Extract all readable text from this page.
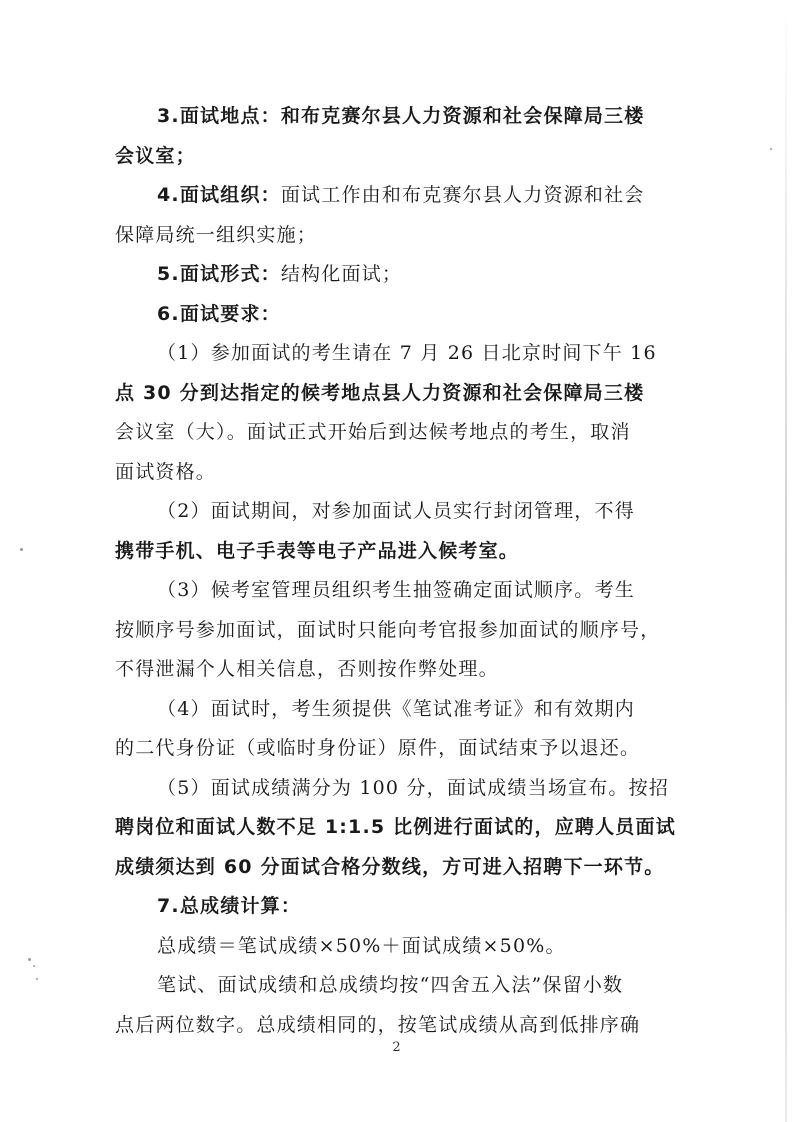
3.面试地点：和布克赛尔县人力资源和社会保障局三楼
会议室；

4.面试组织：面试工作由和布克赛尔县人力资源和社会
保障局统一组织实施；

5.面试形式：结构化面试；

6.面试要求：

（1）参加面试的考生请在 7 月 26 日北京时间下午 16
点 30 分到达指定的候考地点县人力资源和社会保障局三楼
会议室（大）。面试正式开始后到达候考地点的考生，取消
面试资格。

（2）面试期间，对参加面试人员实行封闭管理，不得
携带手机、电子手表等电子产品进入候考室。

（3）候考室管理员组织考生抽签确定面试顺序。考生
按顺序号参加面试，面试时只能向考官报参加面试的顺序号，
不得泄漏个人相关信息，否则按作弊处理。

（4）面试时，考生须提供《笔试准考证》和有效期内
的二代身份证（或临时身份证）原件，面试结束予以退还。

（5）面试成绩满分为 100 分，面试成绩当场宣布。按招
聘岗位和面试人数不足 1:1.5 比例进行面试的，应聘人员面试
成绩须达到 60 分面试合格分数线，方可进入招聘下一环节。

7.总成绩计算：

总成绩＝笔试成绩×50%＋面试成绩×50%。

笔试、面试成绩和总成绩均按“四舍五入法”保留小数
点后两位数字。总成绩相同的，按笔试成绩从高到低排序确

2
